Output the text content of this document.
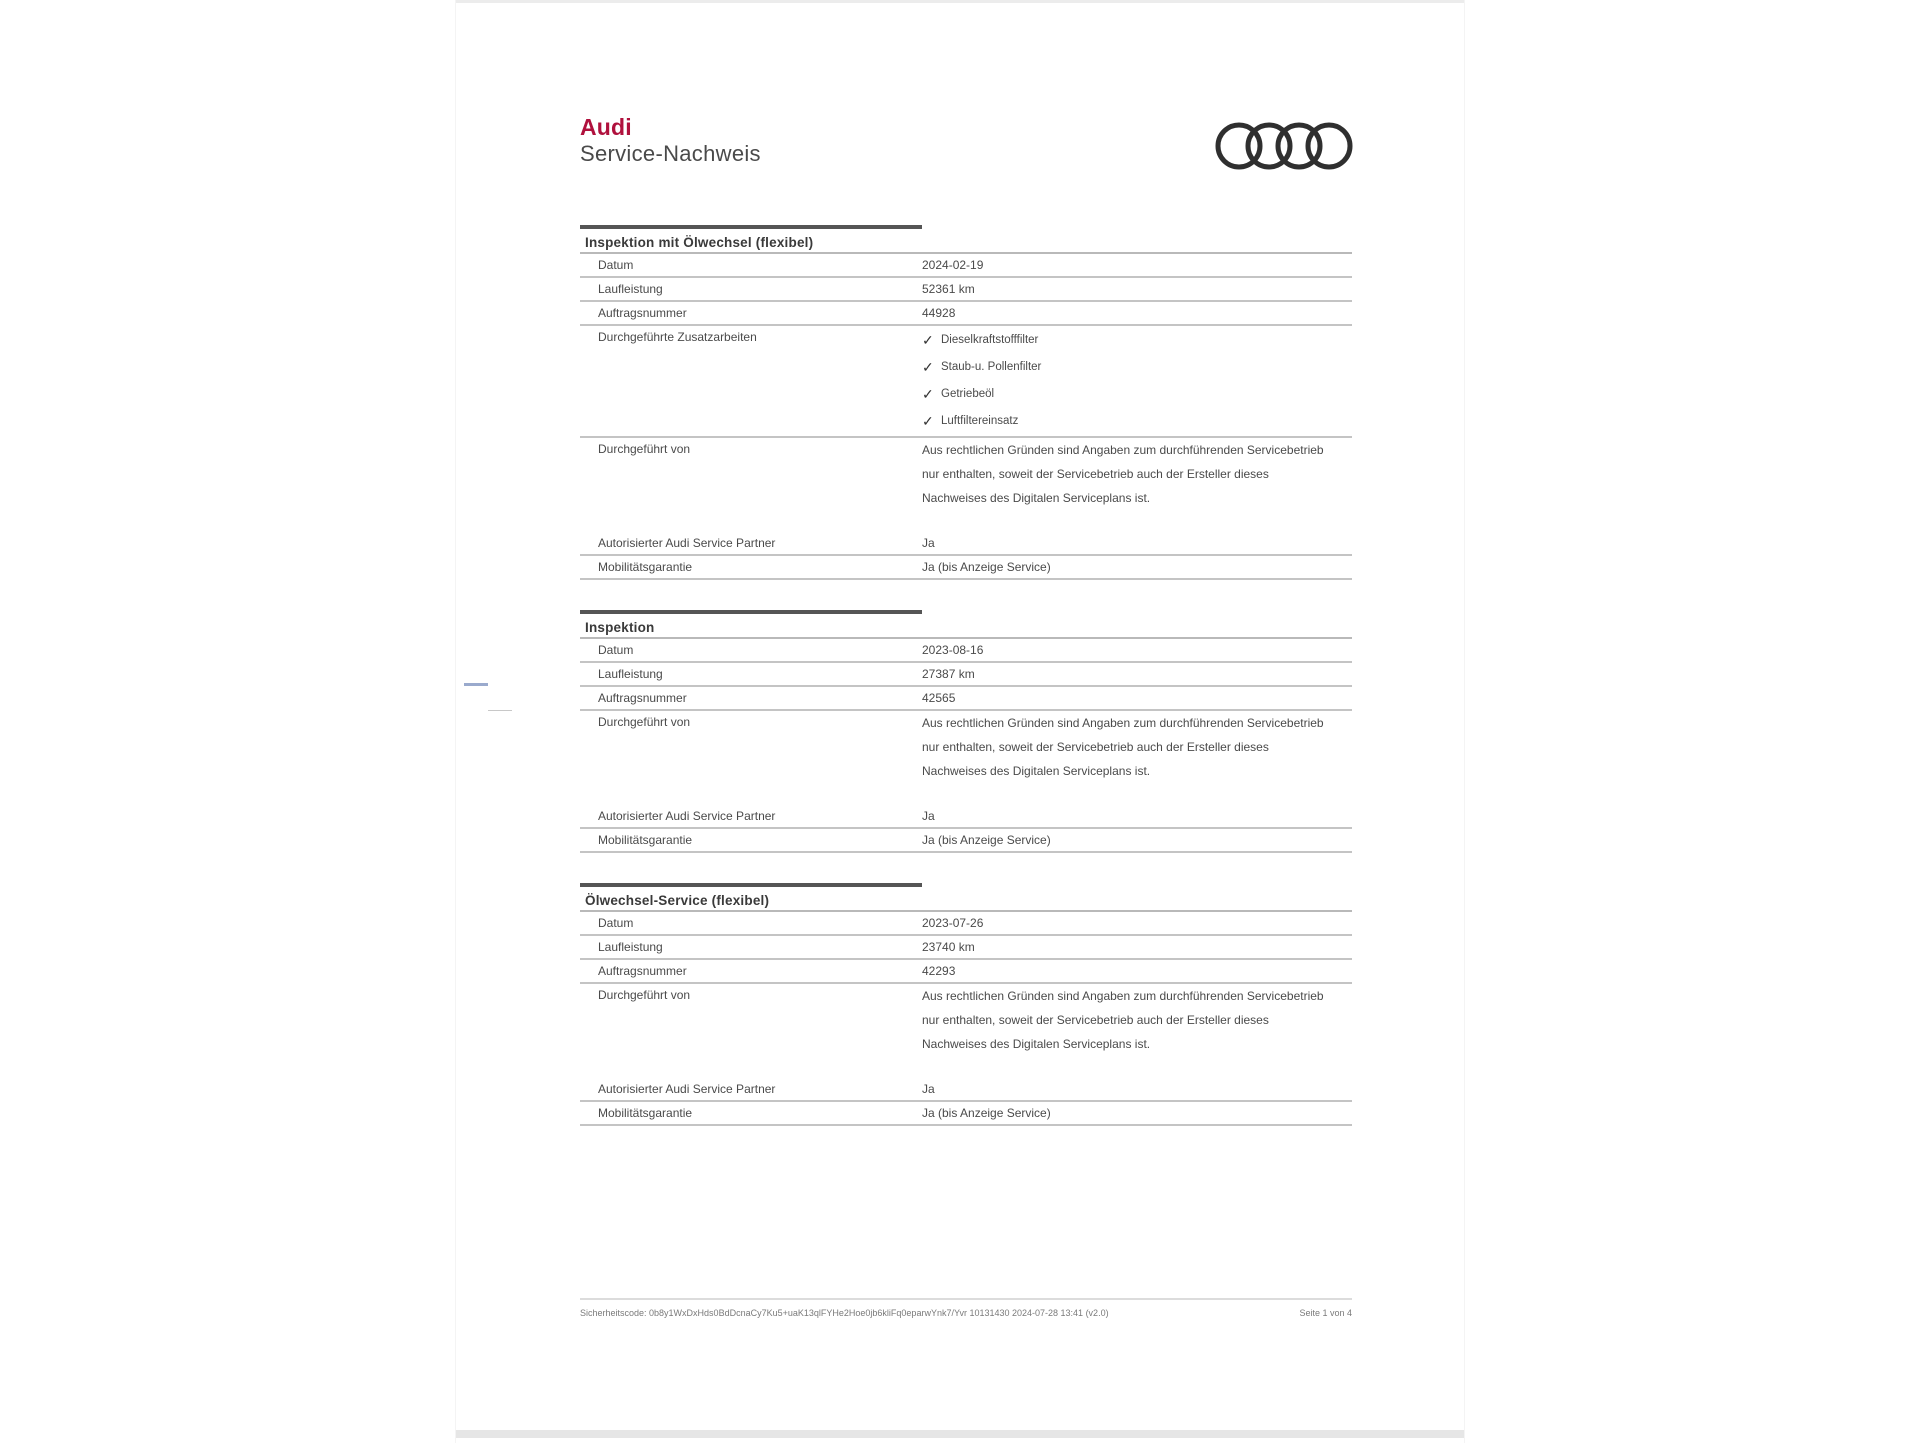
Audi
Service-Nachweis
Inspektion mit Ölwechsel (flexibel)
Datum	2024-02-19
Laufleistung	52361 km
Auftragsnummer	44928
Durchgeführte Zusatzarbeiten	✓ Dieselkraftstofffilter
✓ Staub-u. Pollenfilter
✓ Getriebeöl
✓ Luftfiltereinsatz
Durchgeführt von	Aus rechtlichen Gründen sind Angaben zum durchführenden Servicebetrieb nur enthalten, soweit der Servicebetrieb auch der Ersteller dieses Nachweises des Digitalen Serviceplans ist.
Autorisierter Audi Service Partner	Ja
Mobilitätsgarantie	Ja (bis Anzeige Service)
Inspektion
Datum	2023-08-16
Laufleistung	27387 km
Auftragsnummer	42565
Durchgeführt von	Aus rechtlichen Gründen sind Angaben zum durchführenden Servicebetrieb nur enthalten, soweit der Servicebetrieb auch der Ersteller dieses Nachweises des Digitalen Serviceplans ist.
Autorisierter Audi Service Partner	Ja
Mobilitätsgarantie	Ja (bis Anzeige Service)
Ölwechsel-Service (flexibel)
Datum	2023-07-26
Laufleistung	23740 km
Auftragsnummer	42293
Durchgeführt von	Aus rechtlichen Gründen sind Angaben zum durchführenden Servicebetrieb nur enthalten, soweit der Servicebetrieb auch der Ersteller dieses Nachweises des Digitalen Serviceplans ist.
Autorisierter Audi Service Partner	Ja
Mobilitätsgarantie	Ja (bis Anzeige Service)
Sicherheitscode: 0b8y1WxDxHds0BdDcnaCy7Ku5+uaK13qlFYHe2Hoe0jb6kliFq0eparwYnk7/Yvr 10131430 2024-07-28 13:41 (v2.0)	Seite 1 von 4
